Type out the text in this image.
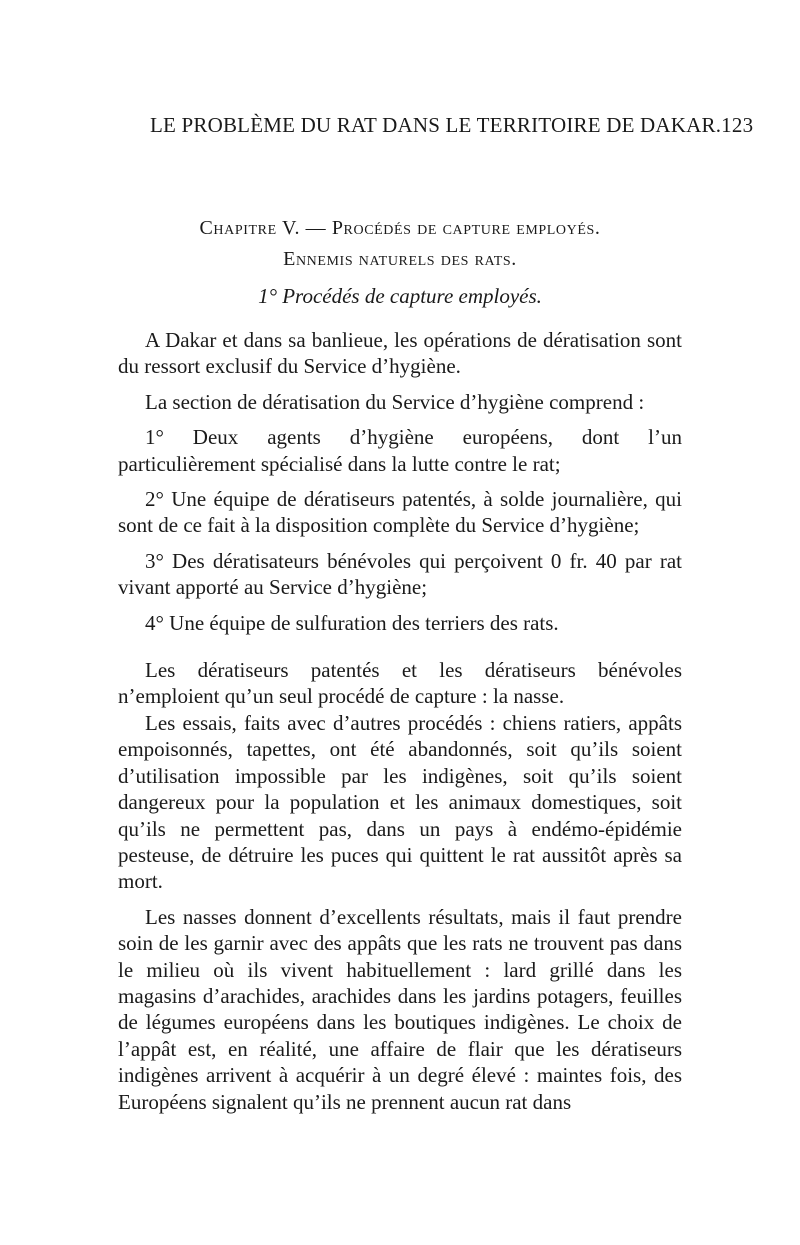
LE PROBLÈME DU RAT DANS LE TERRITOIRE DE DAKAR. 123
Chapitre V. — Procédés de capture employés.
Ennemis naturels des rats.
1° Procédés de capture employés.

A Dakar et dans sa banlieue, les opérations de dératisation sont du ressort exclusif du Service d’hygiène.

La section de dératisation du Service d’hygiène comprend :

1° Deux agents d’hygiène européens, dont l’un particulièrement spécialisé dans la lutte contre le rat;

2° Une équipe de dératiseurs patentés, à solde journalière, qui sont de ce fait à la disposition complète du Service d’hygiène;

3° Des dératisateurs bénévoles qui perçoivent 0 fr. 40 par rat vivant apporté au Service d’hygiène;

4° Une équipe de sulfuration des terriers des rats.

Les dératiseurs patentés et les dératiseurs bénévoles n’emploient qu’un seul procédé de capture : la nasse.

Les essais, faits avec d’autres procédés : chiens ratiers, appâts empoisonnés, tapettes, ont été abandonnés, soit qu’ils soient d’utilisation impossible par les indigènes, soit qu’ils soient dangereux pour la population et les animaux domestiques, soit qu’ils ne permettent pas, dans un pays à endémo-épidémie pesteuse, de détruire les puces qui quittent le rat aussitôt après sa mort.

Les nasses donnent d’excellents résultats, mais il faut prendre soin de les garnir avec des appâts que les rats ne trouvent pas dans le milieu où ils vivent habituellement : lard grillé dans les magasins d’arachides, arachides dans les jardins potagers, feuilles de légumes européens dans les boutiques indigènes. Le choix de l’appât est, en réalité, une affaire de flair que les dératiseurs indigènes arrivent à acquérir à un degré élevé : maintes fois, des Européens signalent qu’ils ne prennent aucun rat dans
